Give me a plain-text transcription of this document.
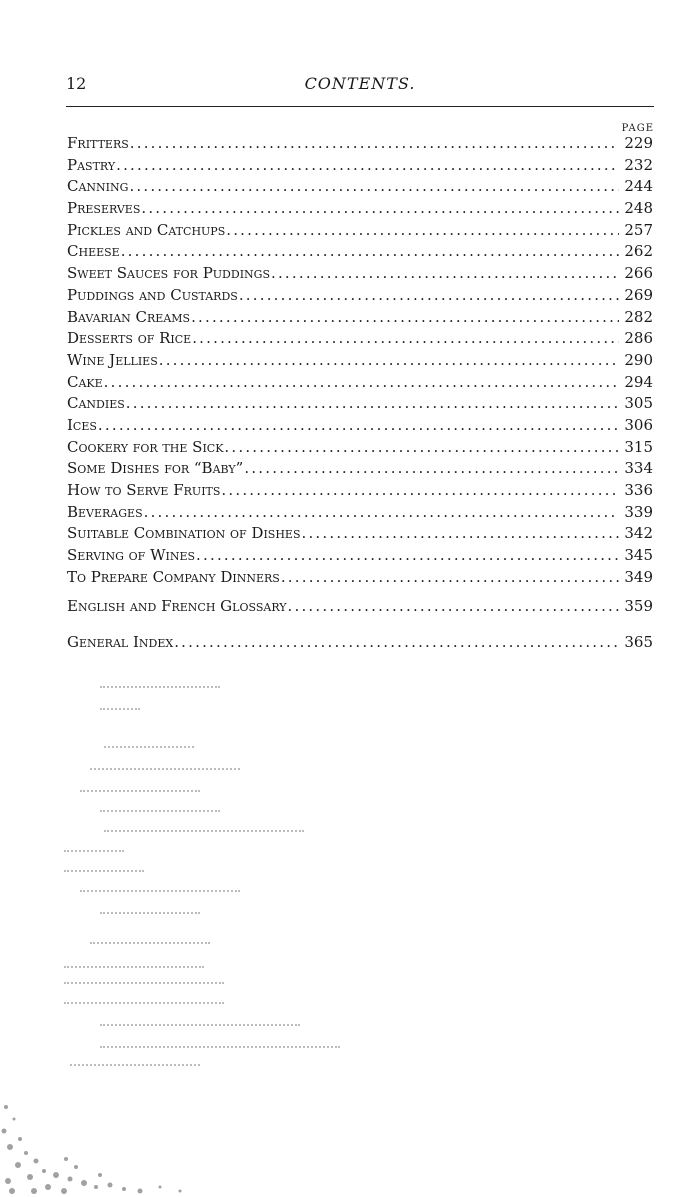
12	CONTENTS.
PAGE
Fritters .....	229
Pastry .....	232
Canning .....	244
Preserves .....	248
Pickles and Catchups .....	257
Cheese .....	262
Sweet Sauces for Puddings .....	266
Puddings and Custards .....	269
Bavarian Creams .....	282
Desserts of Rice .....	286
Wine Jellies .....	290
Cake .....	294
Candies .....	305
Ices .....	306
Cookery for the Sick .....	315
Some Dishes for “Baby” .....	334
How to Serve Fruits .....	336
Beverages .....	339
Suitable Combination of Dishes .....	342
Serving of Wines .....	345
To Prepare Company Dinners .....	349
English and French Glossary .....	359
General Index .....	365
